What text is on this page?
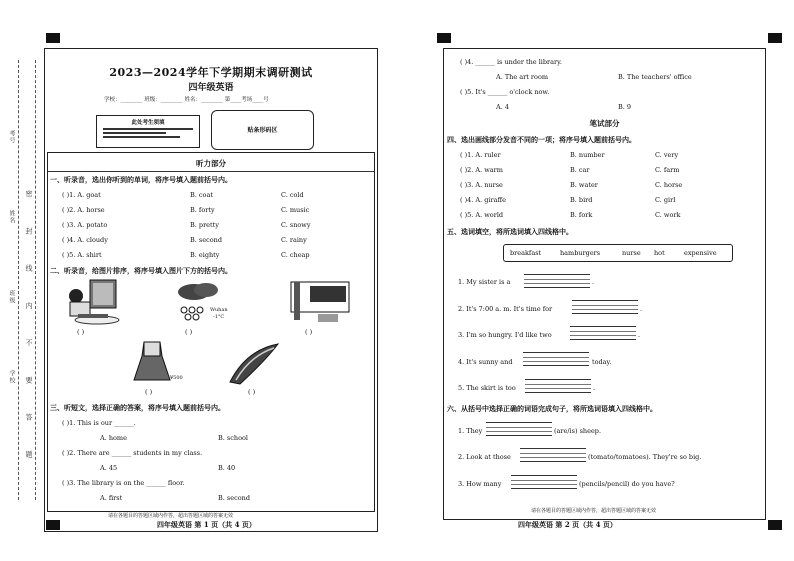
学校
班级
姓名
考号
密 封 线 内 不 要 答 题
2023—2024学年下学期期末调研测试
四年级英语
学校：________ 班级：________ 姓名：________ 第____考场____号
此处考生须填
贴条形码区
听力部分
一、听录音，选出你听到的单词，将序号填入题前括号内。
( )1. A. goat	B. coat	C. cold
( )2. A. horse	B. forty	C. music
( )3. A. potato	B. pretty	C. snowy
( )4. A. cloudy	B. second	C. rainy
( )5. A. shirt	B. eighty	C. cheap
二、听录音，给图片排序，将序号填入图片下方的括号内。
( )
Wuhan
-1°C
( )	( )
¥500
( )	( )
三、听短文，选择正确的答案，将序号填入题前括号内。
( )1. This is our ______.
A. home	B. school
( )2. There are ______ students in my class.
A. 45	B. 40
( )3. The library is on the ______ floor.
A. first	B. second
请在各题目的答题区域内作答，超出答题区域的答案无效
四年级英语 第 1 页（共 4 页）
( )4. ______ is under the library.
A. The art room	B. The teachers' office
( )5. It's ______ o'clock now.
A. 4	B. 9
笔试部分
四、选出画线部分发音不同的一项；将序号填入题前括号内。
( )1. A. ruler	B. number	C. very
( )2. A. warm	B. car	C. farm
( )3. A. nurse	B. water	C. horse
( )4. A. giraffe	B. bird	C. girl
( )5. A. world	B. fork	C. work
五、选词填空，将所选词填入四线格中。
breakfast	hamburgers	nurse hot	expensive
1. My sister is a	.
2. It's 7:00 a. m. It's time for	.
3. I'm so hungry. I'd like two	.
4. It's sunny and	today.
5. The skirt is too	.
六、从括号中选择正确的词语完成句子，将所选词语填入四线格中。
1. They	(are/is) sheep.
2. Look at those	(tomato/tomatoes). They're so big.
3. How many	(pencils/pencil) do you have?
请在各题目的答题区域内作答，超出答题区域的答案无效
四年级英语 第 2 页（共 4 页）
